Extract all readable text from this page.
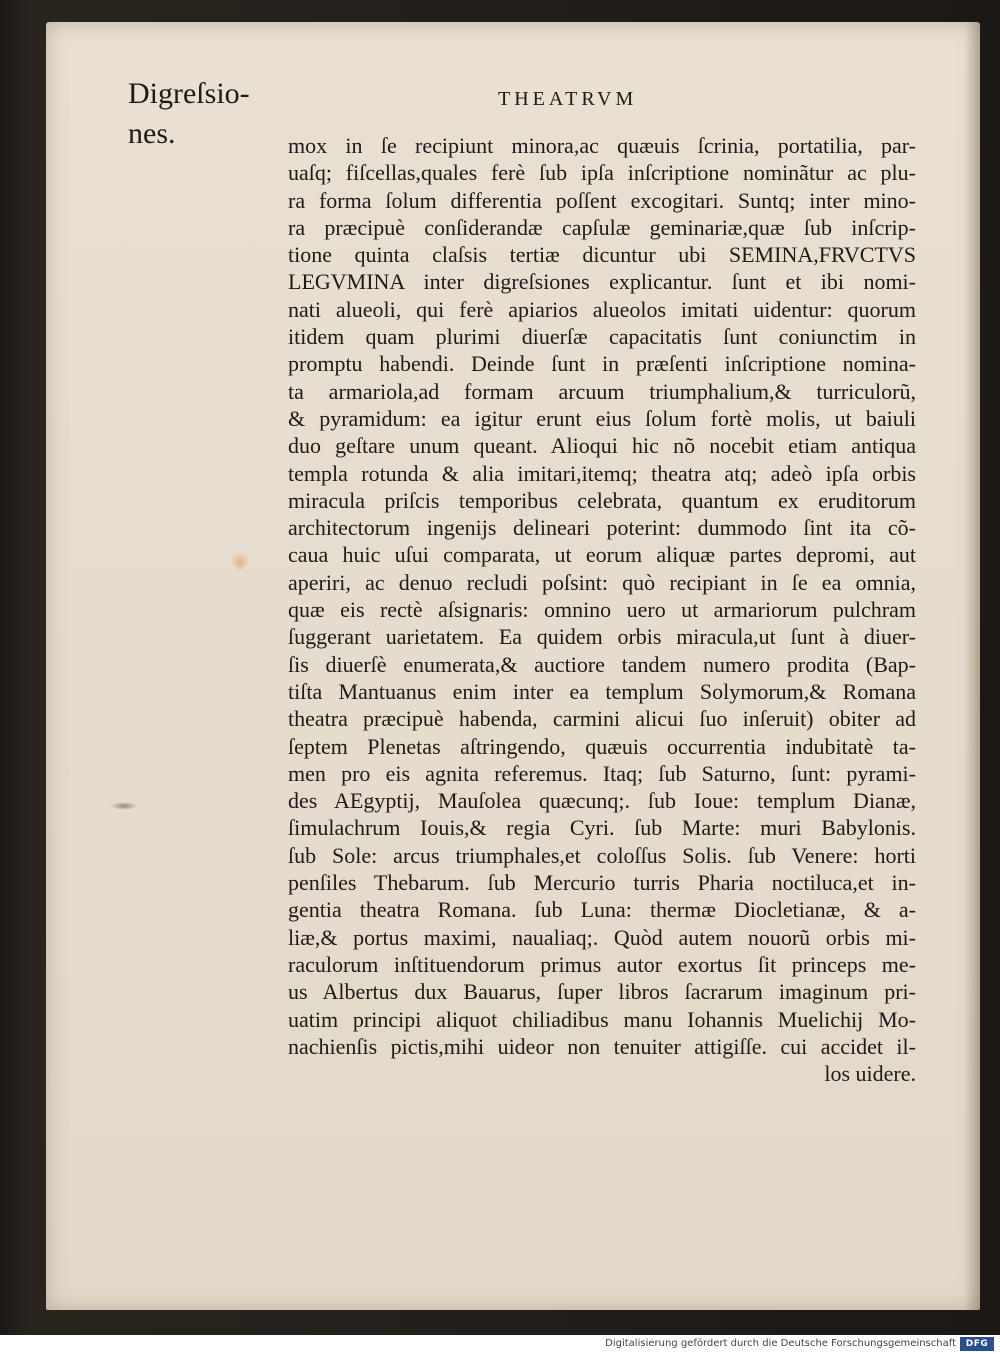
Digreſsio-
nes.
THEATRVM
mox in ſe recipiunt minora,ac quæuis ſcrinia, portatilia, par-
uaſq; fiſcellas,quales ferè ſub ipſa inſcriptione nominãtur ac plu-
ra forma ſolum differentia poſſent excogitari. Suntq; inter mino-
ra præcipuè conſiderandæ capſulæ geminariæ,quæ ſub inſcrip-
tione quinta claſsis tertiæ dicuntur ubi SEMINA,FRVCTVS
LEGVMINA inter digreſsiones explicantur. ſunt et ibi nomi-
nati alueoli, qui ferè apiarios alueolos imitati uidentur: quorum
itidem quam plurimi diuerſæ capacitatis ſunt coniunctim in
promptu habendi. Deinde ſunt in præſenti inſcriptione nomina-
ta armariola,ad formam arcuum triumphalium,& turriculorũ,
& pyramidum: ea igitur erunt eius ſolum fortè molis, ut baiuli
duo geſtare unum queant. Alioqui hic nõ nocebit etiam antiqua
templa rotunda & alia imitari,itemq; theatra atq; adeò ipſa orbis
miracula priſcis temporibus celebrata, quantum ex eruditorum
architectorum ingenijs delineari poterint: dummodo ſint ita cõ-
caua huic uſui comparata, ut eorum aliquæ partes depromi, aut
aperiri, ac denuo recludi poſsint: quò recipiant in ſe ea omnia,
quæ eis rectè aſsignaris: omnino uero ut armariorum pulchram
ſuggerant uarietatem. Ea quidem orbis miracula,ut ſunt à diuer-
ſis diuerſè enumerata,& auctiore tandem numero prodita (Bap-
tiſta Mantuanus enim inter ea templum Solymorum,& Romana
theatra præcipuè habenda, carmini alicui ſuo inſeruit) obiter ad
ſeptem Plenetas aſtringendo, quæuis occurrentia indubitatè ta-
men pro eis agnita referemus. Itaq; ſub Saturno, ſunt: pyrami-
des AEgyptij, Mauſolea quæcunq;. ſub Ioue: templum Dianæ,
ſimulachrum Iouis,& regia Cyri. ſub Marte: muri Babylonis.
ſub Sole: arcus triumphales,et coloſſus Solis. ſub Venere: horti
penſiles Thebarum. ſub Mercurio turris Pharia noctiluca,et in-
gentia theatra Romana. ſub Luna: thermæ Diocletianæ, & a-
liæ,& portus maximi, naualiaq;. Quòd autem nouorũ orbis mi-
raculorum inſtituendorum primus autor exortus ſit princeps me-
us Albertus dux Bauarus, ſuper libros ſacrarum imaginum pri-
uatim principi aliquot chiliadibus manu Iohannis Muelichij Mo-
nachienſis pictis,mihi uideor non tenuiter attigiſſe. cui accidet il-
los uidere.
Digitalisierung gefördert durch die Deutsche Forschungsgemeinschaft	DFG
